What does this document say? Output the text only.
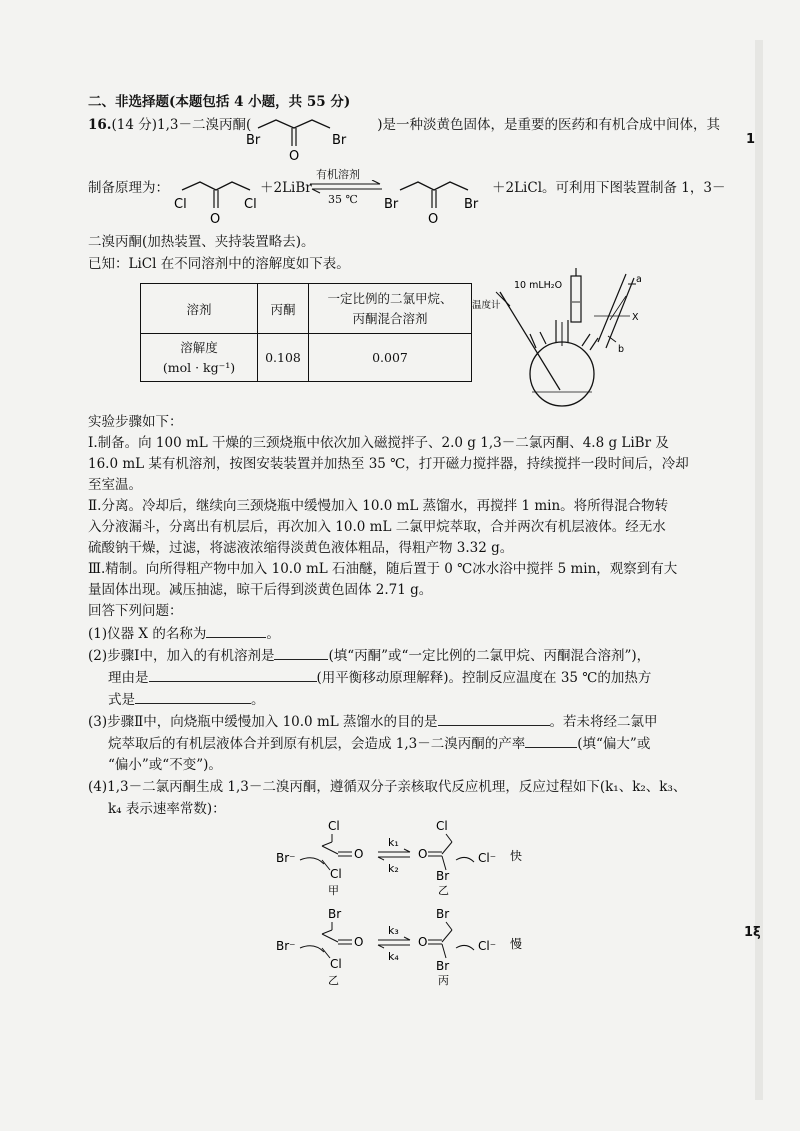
1
1ξ
二、非选择题(本题包括 4 小题，共 55 分)
16.(14 分)1,3－二溴丙酮(	)是一种淡黄色固体，是重要的医药和有机合成中间体，其
Br	Br
O
制备原理为：
Cl	Cl
O
＋2LiBr
有机溶剂
35 ℃ Br	Br
O
＋2LiCl。可利用下图装置制备 1，3－
二溴丙酮(加热装置、夹持装置略去)。
已知：LiCl 在不同溶剂中的溶解度如下表。
溶剂	丙酮	一定比例的二氯甲烷、
丙酮混合溶剂

溶解度
(mol · kg⁻¹)	0.108	0.007
10 mLH₂O
温度计
a
b
X
实验步骤如下：
Ⅰ.制备。向 100 mL 干燥的三颈烧瓶中依次加入磁搅拌子、2.0 g 1,3－二氯丙酮、4.8 g LiBr 及
16.0 mL 某有机溶剂，按图安装装置并加热至 35 ℃，打开磁力搅拌器，持续搅拌一段时间后，冷却
至室温。
Ⅱ.分离。冷却后，继续向三颈烧瓶中缓慢加入 10.0 mL 蒸馏水，再搅拌 1 min。将所得混合物转
入分液漏斗，分离出有机层后，再次加入 10.0 mL 二氯甲烷萃取，合并两次有机层液体。经无水
硫酸钠干燥，过滤，将滤液浓缩得淡黄色液体粗品，得粗产物 3.32 g。
Ⅲ.精制。向所得粗产物中加入 10.0 mL 石油醚，随后置于 0 ℃冰水浴中搅拌 5 min，观察到有大
量固体出现。减压抽滤，晾干后得到淡黄色固体 2.71 g。
回答下列问题：
(1)仪器 X 的名称为	。
(2)步骤Ⅰ中，加入的有机溶剂是	(填“丙酮”或“一定比例的二氯甲烷、丙酮混合溶剂”)，
理由是	(用平衡移动原理解释)。控制反应温度在 35 ℃的加热方
式是	。
(3)步骤Ⅱ中，向烧瓶中缓慢加入 10.0 mL 蒸馏水的目的是	。若未将经二氯甲
烷萃取后的有机层液体合并到原有机层，会造成 1,3－二溴丙酮的产率	(填“偏大”或
“偏小”或“不变”)。
(4)1,3－二氯丙酮生成 1,3－二溴丙酮，遵循双分子亲核取代反应机理，反应过程如下(k₁、k₂、k₃、
k₄ 表示速率常数)：
Cl
O
Cl
Br⁻
甲
k₁
k₂
O
Cl
Br
Cl⁻
乙
快
Br
O
Cl
Br⁻
乙
k₃
k₄
O
Br
Br
Cl⁻
丙
慢
